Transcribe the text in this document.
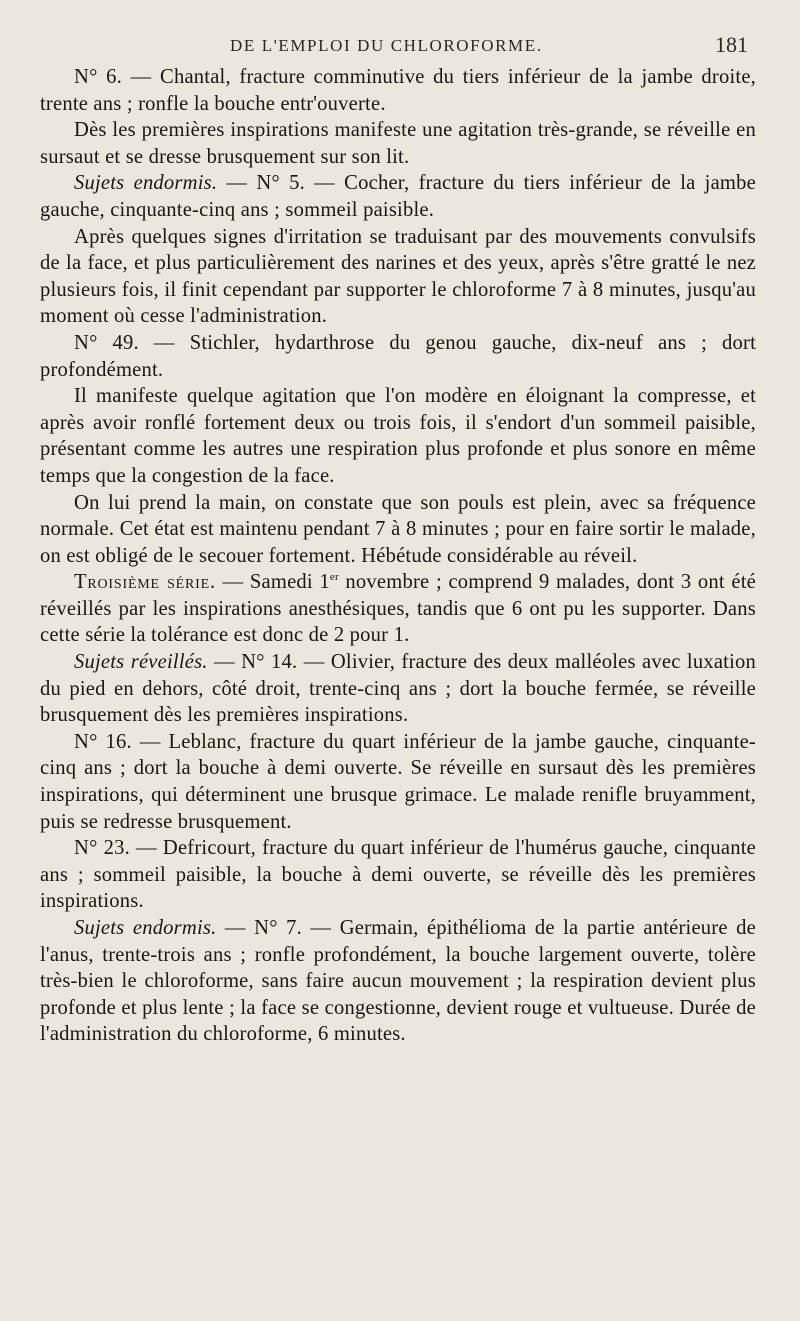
DE L'EMPLOI DU CHLOROFORME.	181

N° 6. — Chantal, fracture comminutive du tiers inférieur de la jambe droite, trente ans ; ronfle la bouche entr'ouverte.

Dès les premières inspirations manifeste une agitation très-grande, se réveille en sursaut et se dresse brusquement sur son lit.

Sujets endormis. — N° 5. — Cocher, fracture du tiers inférieur de la jambe gauche, cinquante-cinq ans ; sommeil paisible.

Après quelques signes d'irritation se traduisant par des mouvements convulsifs de la face, et plus particulièrement des narines et des yeux, après s'être gratté le nez plusieurs fois, il finit cependant par supporter le chloroforme 7 à 8 minutes, jusqu'au moment où cesse l'administration.

N° 49. — Stichler, hydarthrose du genou gauche, dix-neuf ans ; dort profondément.

Il manifeste quelque agitation que l'on modère en éloignant la compresse, et après avoir ronflé fortement deux ou trois fois, il s'endort d'un sommeil paisible, présentant comme les autres une respiration plus profonde et plus sonore en même temps que la congestion de la face.

On lui prend la main, on constate que son pouls est plein, avec sa fréquence normale. Cet état est maintenu pendant 7 à 8 minutes ; pour en faire sortir le malade, on est obligé de le secouer fortement. Hébétude considérable au réveil.

Troisième série. — Samedi 1er novembre ; comprend 9 malades, dont 3 ont été réveillés par les inspirations anesthésiques, tandis que 6 ont pu les supporter. Dans cette série la tolérance est donc de 2 pour 1.

Sujets réveillés. — N° 14. — Olivier, fracture des deux malléoles avec luxation du pied en dehors, côté droit, trente-cinq ans ; dort la bouche fermée, se réveille brusquement dès les premières inspirations.

N° 16. — Leblanc, fracture du quart inférieur de la jambe gauche, cinquante-cinq ans ; dort la bouche à demi ouverte. Se réveille en sursaut dès les premières inspirations, qui déterminent une brusque grimace. Le malade renifle bruyamment, puis se redresse brusquement.

N° 23. — Defricourt, fracture du quart inférieur de l'humérus gauche, cinquante ans ; sommeil paisible, la bouche à demi ouverte, se réveille dès les premières inspirations.

Sujets endormis. — N° 7. — Germain, épithélioma de la partie antérieure de l'anus, trente-trois ans ; ronfle profondément, la bouche largement ouverte, tolère très-bien le chloroforme, sans faire aucun mouvement ; la respiration devient plus profonde et plus lente ; la face se congestionne, devient rouge et vultueuse. Durée de l'administration du chloroforme, 6 minutes.
